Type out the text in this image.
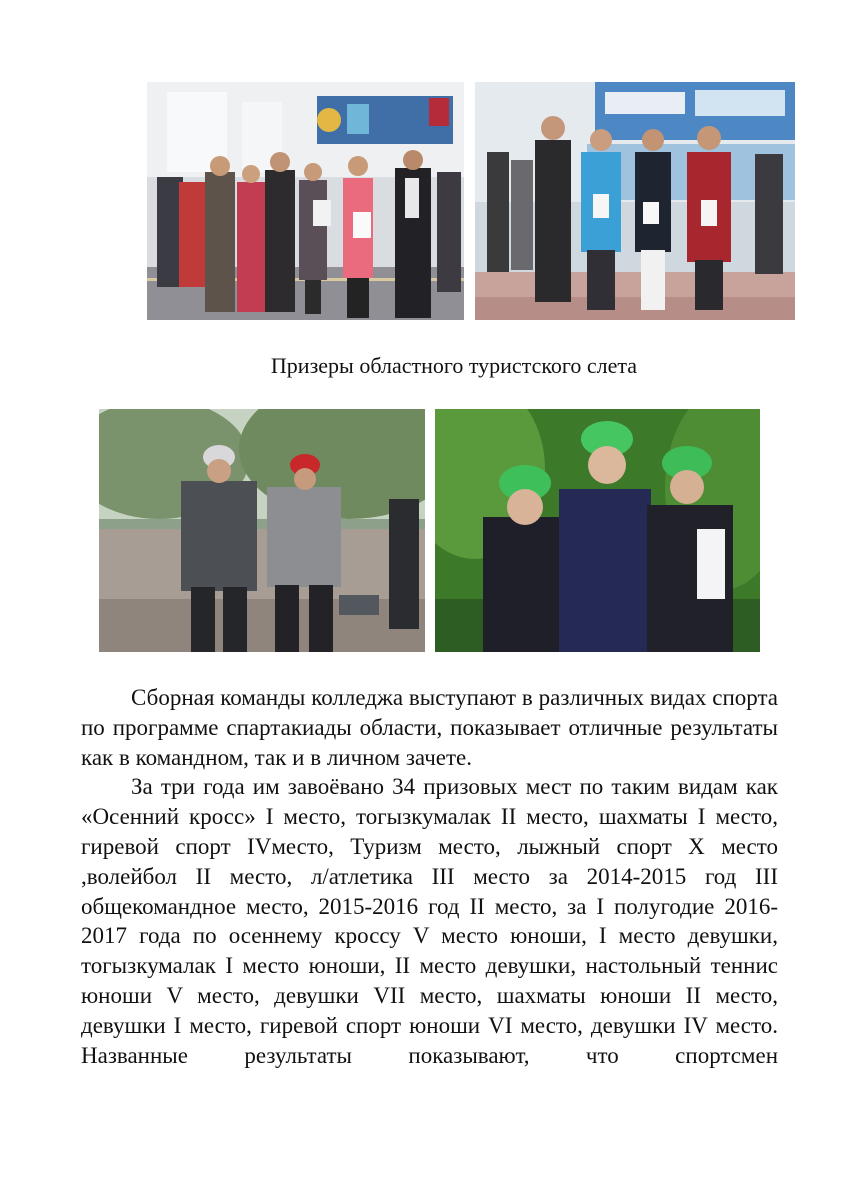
Призеры областного туристского слета

Сборная команды колледжа выступают в различных видах спорта по программе спартакиады области, показывает отличные результаты как в командном, так и в личном зачете.

За три года им завоёвано 34 призовых мест по таким видам как «Осенний кросс» I место, тогызкумалак II место, шахматы I место, гиревой спорт IVместо, Туризм место, лыжный спорт X место ,волейбол II место, л/атлетика III место за 2014-2015 год III общекомандное место, 2015-2016 год II место, за I полугодие 2016-2017 года по осеннему кроссу V место юноши, I место девушки, тогызкумалак I место юноши, II место девушки, настольный теннис юноши V место, девушки VII место, шахматы юноши II место, девушки I место, гиревой спорт юноши VI место, девушки IV место. Названные результаты показывают, что спортсмен
